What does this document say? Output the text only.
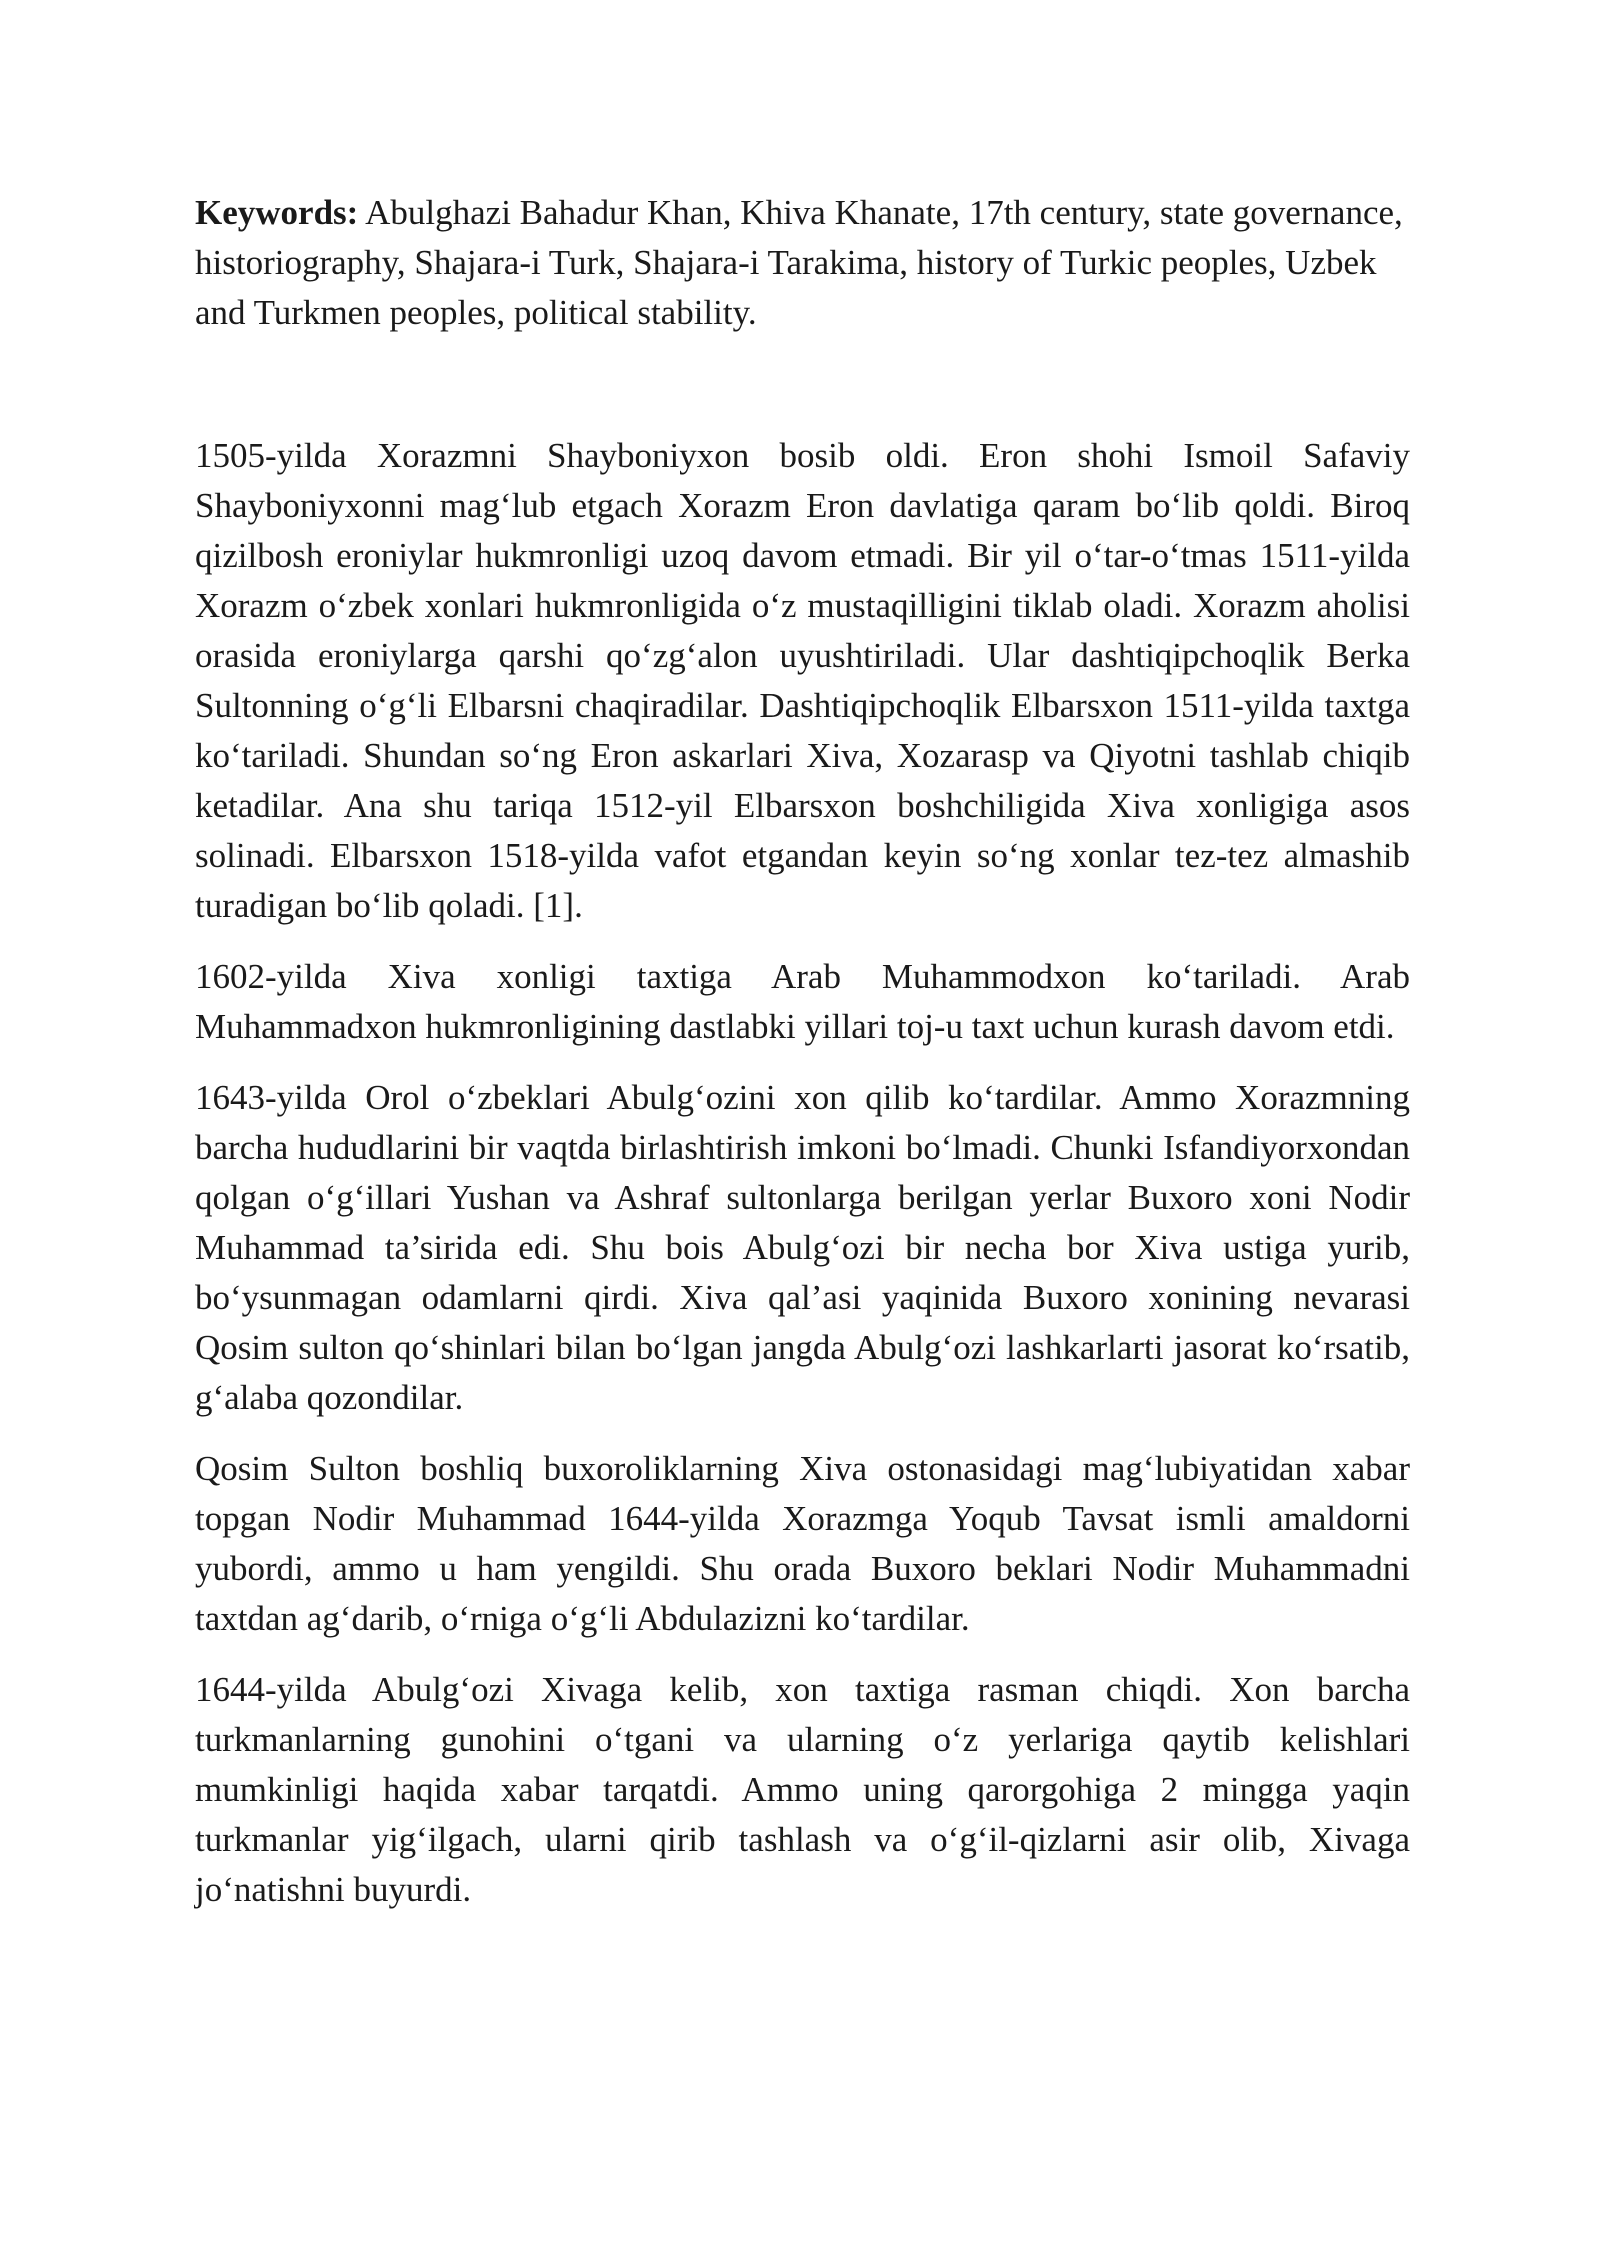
Keywords: Abulghazi Bahadur Khan, Khiva Khanate, 17th century, state governance, historiography, Shajara-i Turk, Shajara-i Tarakima, history of Turkic peoples, Uzbek and Turkmen peoples, political stability.

1505-yilda Xorazmni Shayboniyxon bosib oldi. Eron shohi Ismoil Safaviy Shayboniyxonni mag‘lub etgach Xorazm Eron davlatiga qaram bo‘lib qoldi. Biroq qizilbosh eroniylar hukmronligi uzoq davom etmadi. Bir yil o‘tar-o‘tmas 1511-yilda Xorazm o‘zbek xonlari hukmronligida o‘z mustaqilligini tiklab oladi. Xorazm aholisi orasida eroniylarga qarshi qo‘zg‘alon uyushtiriladi. Ular dashtiqipchoqlik Berka Sultonning o‘g‘li Elbarsni chaqiradilar. Dashtiqipchoqlik Elbarsxon 1511-yilda taxtga ko‘tariladi. Shundan so‘ng Eron askarlari Xiva, Xozarasp va Qiyotni tashlab chiqib ketadilar. Ana shu tariqa 1512-yil Elbarsxon boshchiligida Xiva xonligiga asos solinadi. Elbarsxon 1518-yilda vafot etgandan keyin so‘ng xonlar tez-tez almashib turadigan bo‘lib qoladi. [1].

1602-yilda Xiva xonligi taxtiga Arab Muhammodxon ko‘tariladi. Arab Muhammadxon hukmronligining dastlabki yillari toj-u taxt uchun kurash davom etdi.

1643-yilda Orol o‘zbeklari Abulg‘ozini xon qilib ko‘tardilar. Ammo Xorazmning barcha hududlarini bir vaqtda birlashtirish imkoni bo‘lmadi. Chunki Isfandiyorxondan qolgan o‘g‘illari Yushan va Ashraf sultonlarga berilgan yerlar Buxoro xoni Nodir Muhammad ta’sirida edi. Shu bois Abulg‘ozi bir necha bor Xiva ustiga yurib, bo‘ysunmagan odamlarni qirdi. Xiva qal’asi yaqinida Buxoro xonining nevarasi Qosim sulton qo‘shinlari bilan bo‘lgan jangda Abulg‘ozi lashkarlarti jasorat ko‘rsatib, g‘alaba qozondilar.

Qosim Sulton boshliq buxoroliklarning Xiva ostonasidagi mag‘lubiyatidan xabar topgan Nodir Muhammad 1644-yilda Xorazmga Yoqub Tavsat ismli amaldorni yubordi, ammo u ham yengildi. Shu orada Buxoro beklari Nodir Muhammadni taxtdan ag‘darib, o‘rniga o‘g‘li Abdulazizni ko‘tardilar.

1644-yilda Abulg‘ozi Xivaga kelib, xon taxtiga rasman chiqdi. Xon barcha turkmanlarning gunohini o‘tgani va ularning o‘z yerlariga qaytib kelishlari mumkinligi haqida xabar tarqatdi. Ammo uning qarorgohiga 2 mingga yaqin turkmanlar yig‘ilgach, ularni qirib tashlash va o‘g‘il-qizlarni asir olib, Xivaga jo‘natishni buyurdi.
